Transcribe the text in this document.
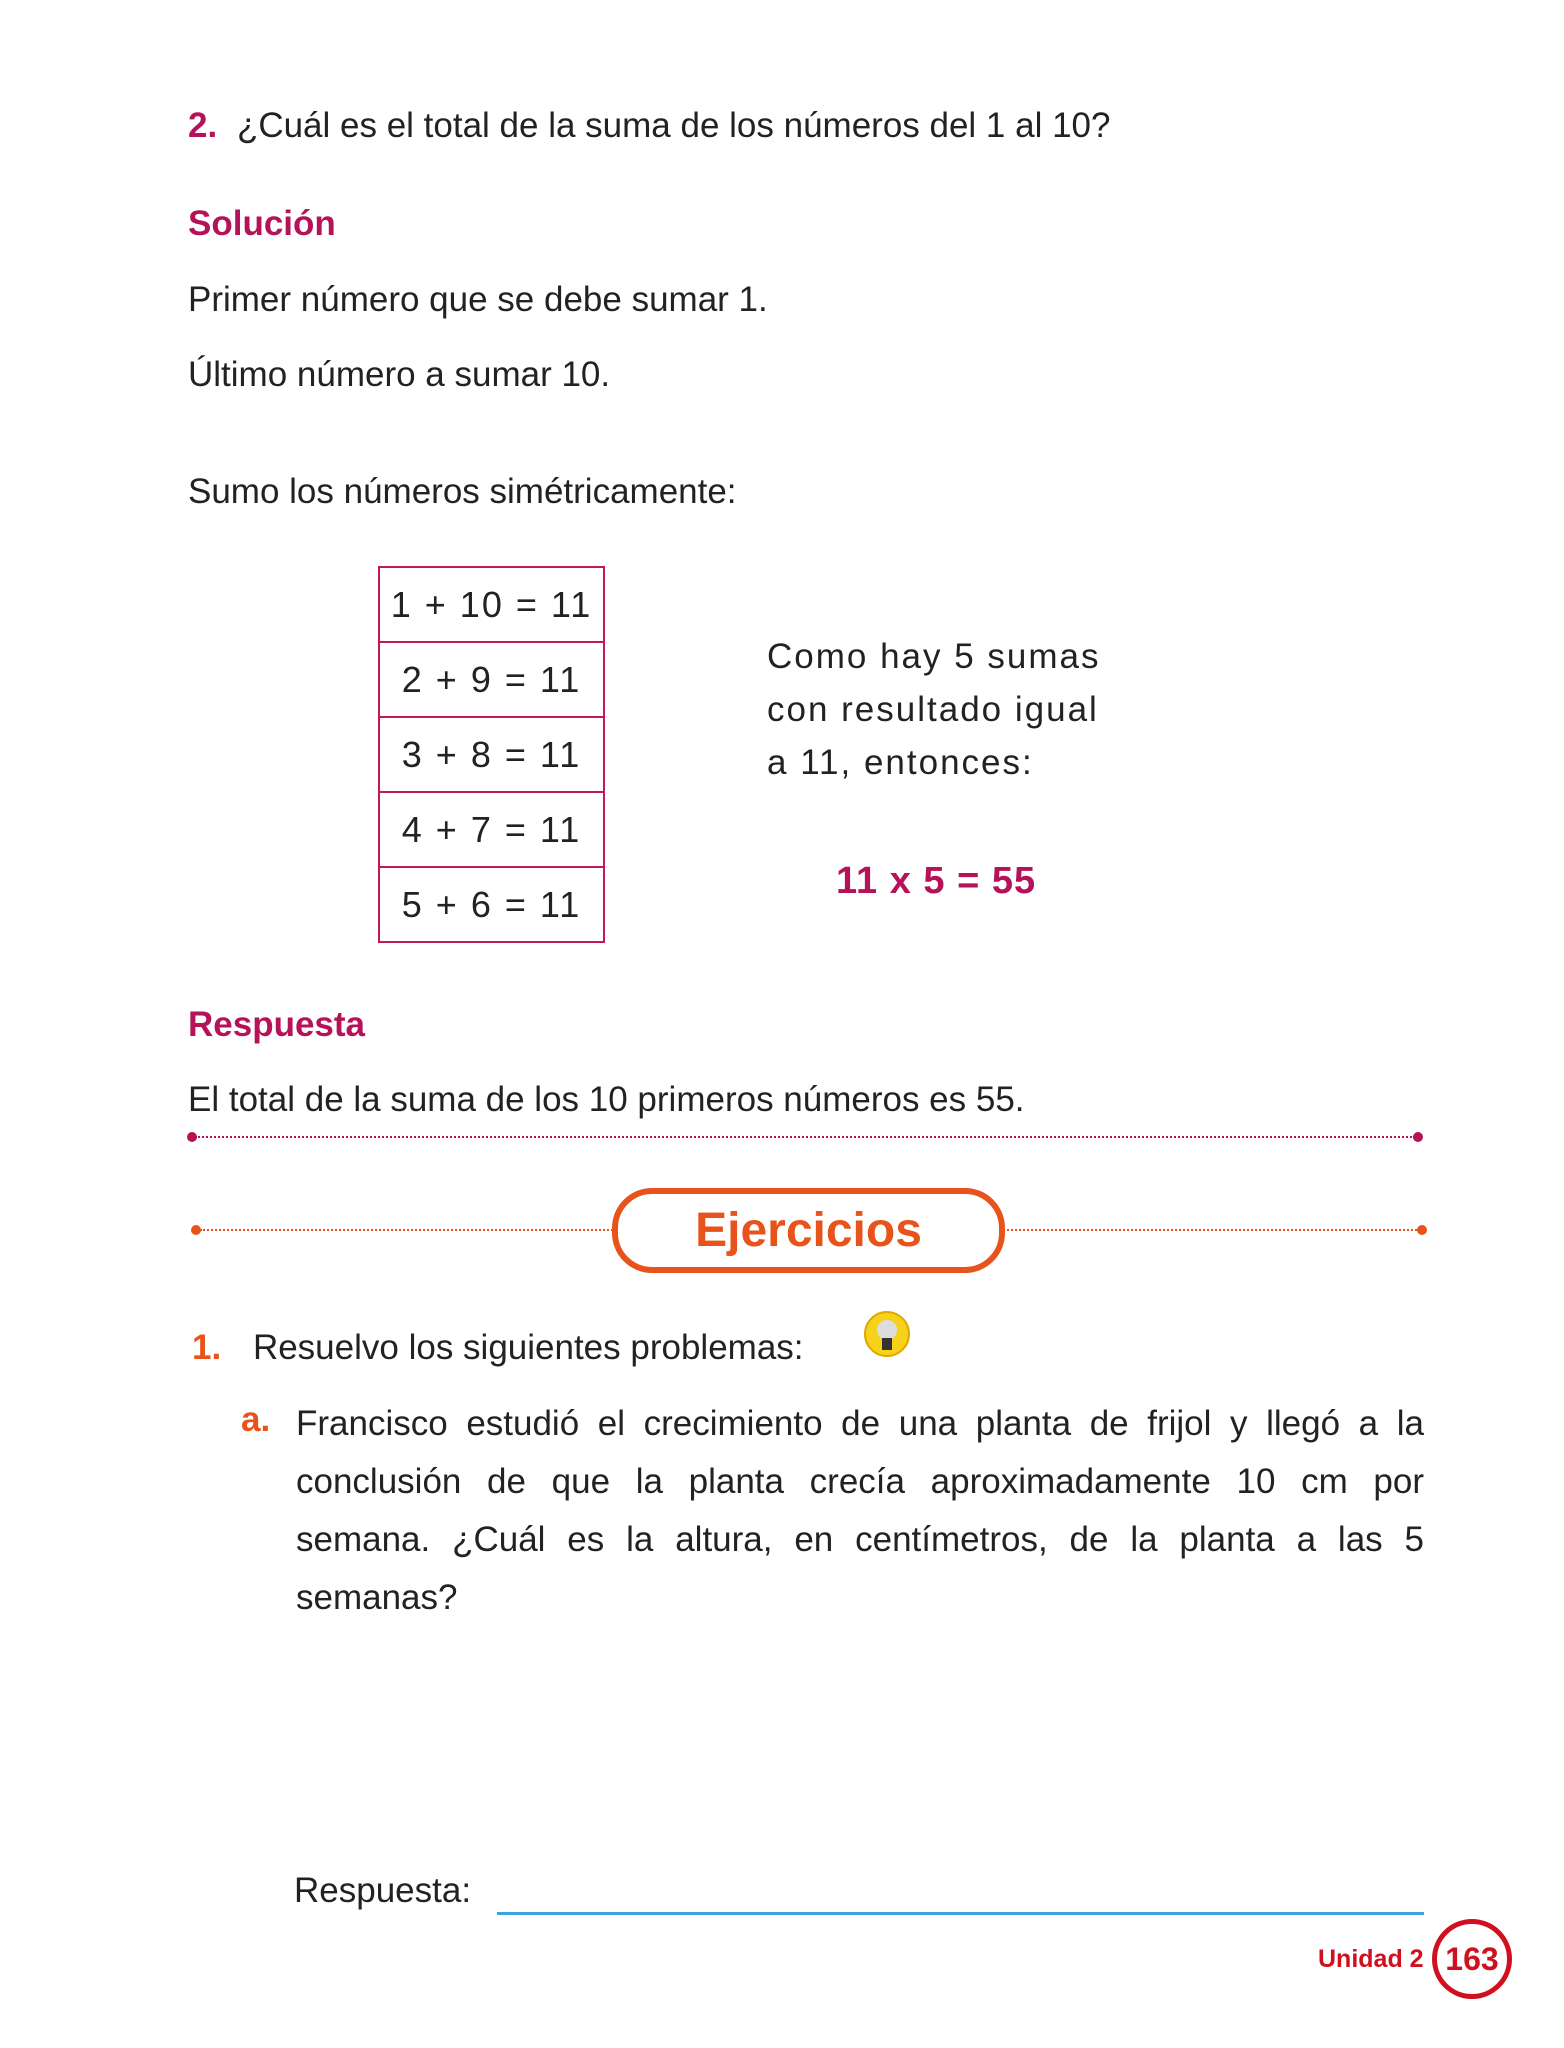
2. ¿Cuál es el total de la suma de los números del 1 al 10?
Solución
Primer número que se debe sumar 1.
Último número a sumar 10.
Sumo los números simétricamente:
1 + 10 = 11
2 + 9 = 11
3 + 8 = 11
4 + 7 = 11
5 + 6 = 11
Como hay 5 sumas con resultado igual a 11, entonces:
11 x 5 = 55
Respuesta
El total de la suma de los 10 primeros números es 55.
Ejercicios
1. Resuelvo los siguientes problemas:
a. Francisco estudió el crecimiento de una planta de frijol y llegó a la conclusión de que la planta crecía aproximadamente 10 cm por semana. ¿Cuál es la altura, en centímetros, de la planta a las 5 semanas?
Respuesta:
Unidad 2 163
